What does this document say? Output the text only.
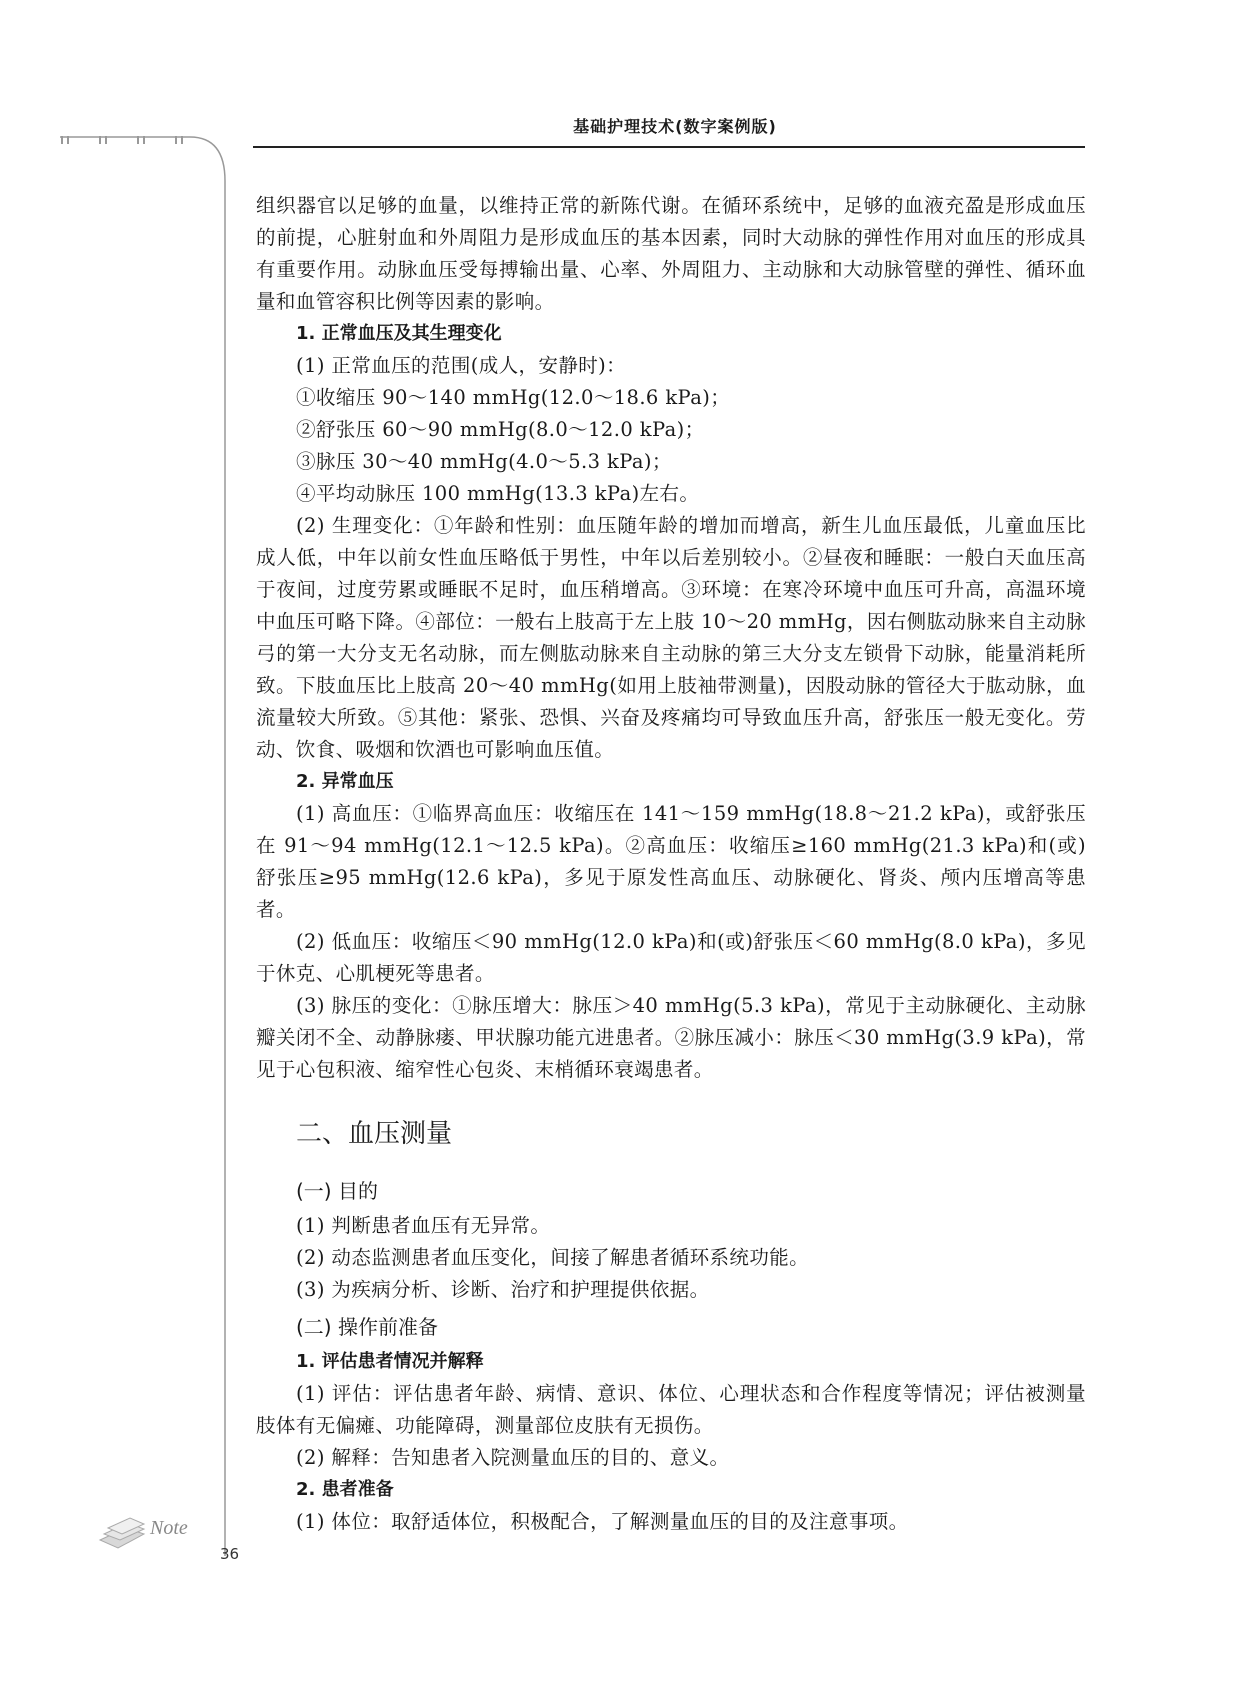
基础护理技术(数字案例版)
组织器官以足够的血量，以维持正常的新陈代谢。在循环系统中，足够的血液充盈是形成血压的前提，心脏射血和外周阻力是形成血压的基本因素，同时大动脉的弹性作用对血压的形成具有重要作用。动脉血压受每搏输出量、心率、外周阻力、主动脉和大动脉管壁的弹性、循环血量和血管容积比例等因素的影响。
1. 正常血压及其生理变化
(1) 正常血压的范围(成人，安静时)：
①收缩压 90～140 mmHg(12.0～18.6 kPa)；
②舒张压 60～90 mmHg(8.0～12.0 kPa)；
③脉压 30～40 mmHg(4.0～5.3 kPa)；
④平均动脉压 100 mmHg(13.3 kPa)左右。
(2) 生理变化：①年龄和性别：血压随年龄的增加而增高，新生儿血压最低，儿童血压比成人低，中年以前女性血压略低于男性，中年以后差别较小。②昼夜和睡眠：一般白天血压高于夜间，过度劳累或睡眠不足时，血压稍增高。③环境：在寒冷环境中血压可升高，高温环境中血压可略下降。④部位：一般右上肢高于左上肢 10～20 mmHg，因右侧肱动脉来自主动脉弓的第一大分支无名动脉，而左侧肱动脉来自主动脉的第三大分支左锁骨下动脉，能量消耗所致。下肢血压比上肢高 20～40 mmHg(如用上肢袖带测量)，因股动脉的管径大于肱动脉，血流量较大所致。⑤其他：紧张、恐惧、兴奋及疼痛均可导致血压升高，舒张压一般无变化。劳动、饮食、吸烟和饮酒也可影响血压值。
2. 异常血压
(1) 高血压：①临界高血压：收缩压在 141～159 mmHg(18.8～21.2 kPa)，或舒张压在 91～94 mmHg(12.1～12.5 kPa)。②高血压：收缩压≥160 mmHg(21.3 kPa)和(或)舒张压≥95 mmHg(12.6 kPa)，多见于原发性高血压、动脉硬化、肾炎、颅内压增高等患者。
(2) 低血压：收缩压＜90 mmHg(12.0 kPa)和(或)舒张压＜60 mmHg(8.0 kPa)，多见于休克、心肌梗死等患者。
(3) 脉压的变化：①脉压增大：脉压＞40 mmHg(5.3 kPa)，常见于主动脉硬化、主动脉瓣关闭不全、动静脉瘘、甲状腺功能亢进患者。②脉压减小：脉压＜30 mmHg(3.9 kPa)，常见于心包积液、缩窄性心包炎、末梢循环衰竭患者。
二、血压测量
(一) 目的
(1) 判断患者血压有无异常。
(2) 动态监测患者血压变化，间接了解患者循环系统功能。
(3) 为疾病分析、诊断、治疗和护理提供依据。
(二) 操作前准备
1. 评估患者情况并解释
(1) 评估：评估患者年龄、病情、意识、体位、心理状态和合作程度等情况；评估被测量肢体有无偏瘫、功能障碍，测量部位皮肤有无损伤。
(2) 解释：告知患者入院测量血压的目的、意义。
2. 患者准备
(1) 体位：取舒适体位，积极配合，了解测量血压的目的及注意事项。
Note
36
